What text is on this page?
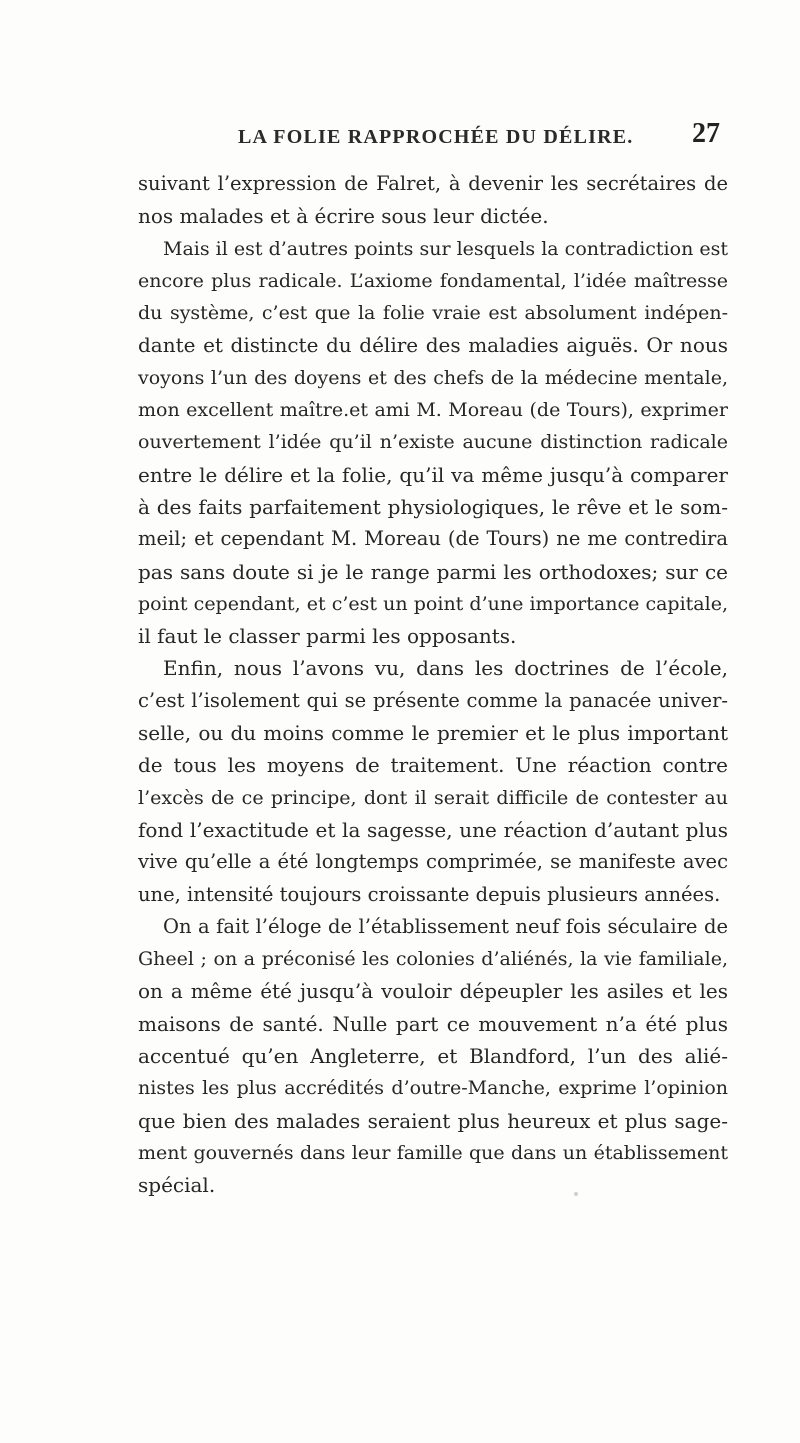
LA FOLIE RAPPROCHÉE DU DÉLIRE. 27
suivant l’expression de Falret, à devenir les secrétaires de
nos malades et à écrire sous leur dictée.
Mais il est d’autres points sur lesquels la contradiction est
encore plus radicale. L’axiome fondamental, l’idée maîtresse
du système, c’est que la folie vraie est absolument indépen-
dante et distincte du délire des maladies aiguës. Or nous
voyons l’un des doyens et des chefs de la médecine mentale,
mon excellent maître.et ami M. Moreau (de Tours), exprimer
ouvertement l’idée qu’il n’existe aucune distinction radicale
entre le délire et la folie, qu’il va même jusqu’à comparer
à des faits parfaitement physiologiques, le rêve et le som-
meil; et cependant M. Moreau (de Tours) ne me contredira
pas sans doute si je le range parmi les orthodoxes; sur ce
point cependant, et c’est un point d’une importance capitale,
il faut le classer parmi les opposants.
Enfin, nous l’avons vu, dans les doctrines de l’école,
c’est l’isolement qui se présente comme la panacée univer-
selle, ou du moins comme le premier et le plus important
de tous les moyens de traitement. Une réaction contre
l’excès de ce principe, dont il serait difficile de contester au
fond l’exactitude et la sagesse, une réaction d’autant plus
vive qu’elle a été longtemps comprimée, se manifeste avec
une, intensité toujours croissante depuis plusieurs années.
On a fait l’éloge de l’établissement neuf fois séculaire de
Gheel ; on a préconisé les colonies d’aliénés, la vie familiale,
on a même été jusqu’à vouloir dépeupler les asiles et les
maisons de santé. Nulle part ce mouvement n’a été plus
accentué qu’en Angleterre, et Blandford, l’un des alié-
nistes les plus accrédités d’outre-Manche, exprime l’opinion
que bien des malades seraient plus heureux et plus sage-
ment gouvernés dans leur famille que dans un établissement
spécial.
